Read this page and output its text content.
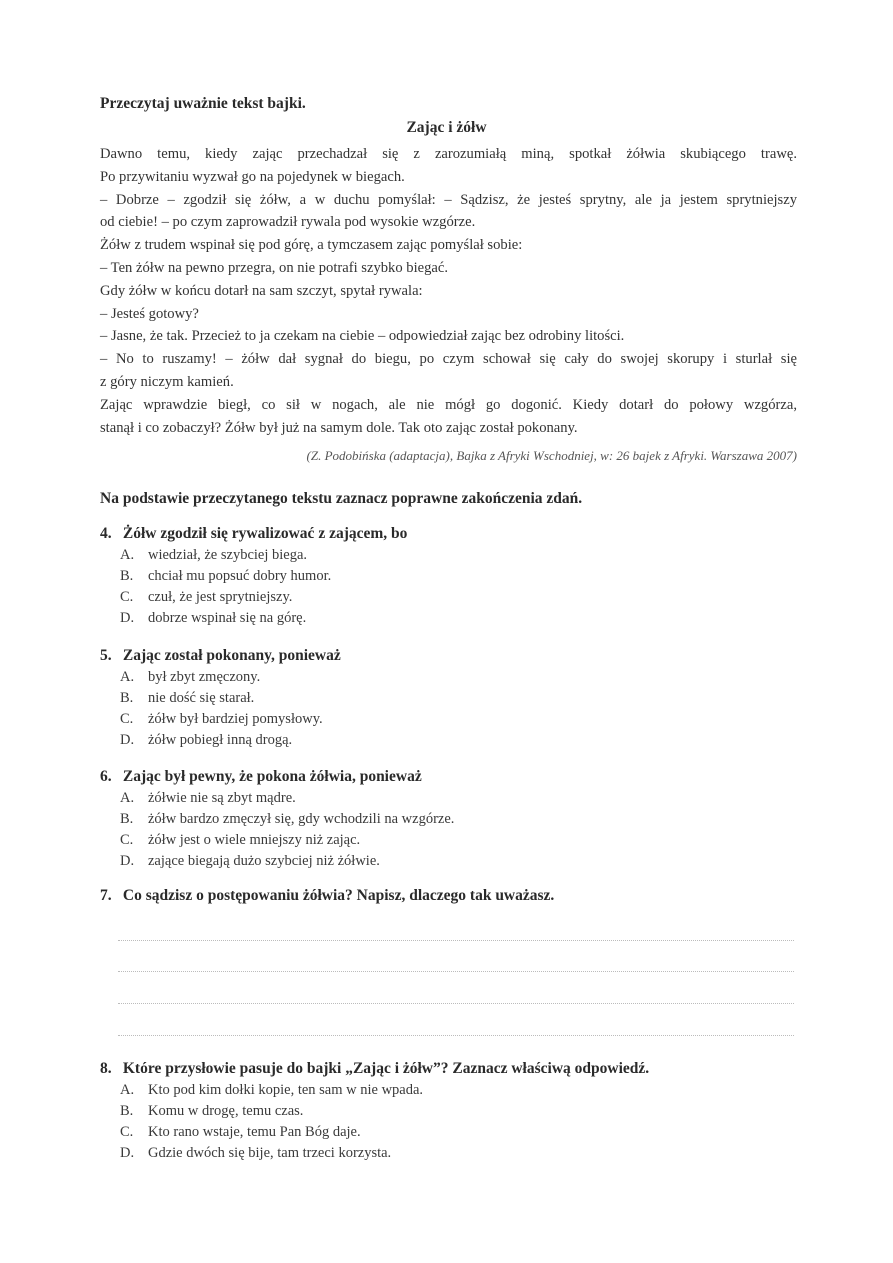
Przeczytaj uważnie tekst bajki.
Zając i żółw
Dawno temu, kiedy zając przechadzał się z zarozumiałą miną, spotkał żółwia skubiącego trawę.
Po przywitaniu wyzwał go na pojedynek w biegach.
– Dobrze – zgodził się żółw, a w duchu pomyślał: – Sądzisz, że jesteś sprytny, ale ja jestem sprytniejszy
od ciebie! – po czym zaprowadził rywala pod wysokie wzgórze.
Żółw z trudem wspinał się pod górę, a tymczasem zając pomyślał sobie:
– Ten żółw na pewno przegra, on nie potrafi szybko biegać.
Gdy żółw w końcu dotarł na sam szczyt, spytał rywala:
– Jesteś gotowy?
– Jasne, że tak. Przecież to ja czekam na ciebie – odpowiedział zając bez odrobiny litości.
– No to ruszamy! – żółw dał sygnał do biegu, po czym schował się cały do swojej skorupy i sturlał się
z góry niczym kamień.
Zając wprawdzie biegł, co sił w nogach, ale nie mógł go dogonić. Kiedy dotarł do połowy wzgórza,
stanął i co zobaczył? Żółw był już na samym dole. Tak oto zając został pokonany.
(Z. Podobińska (adaptacja), Bajka z Afryki Wschodniej, w: 26 bajek z Afryki. Warszawa 2007)
Na podstawie przeczytanego tekstu zaznacz poprawne zakończenia zdań.
4. Żółw zgodził się rywalizować z zającem, bo
A. wiedział, że szybciej biega.
B. chciał mu popsuć dobry humor.
C. czuł, że jest sprytniejszy.
D. dobrze wspinał się na górę.
5. Zając został pokonany, ponieważ
A. był zbyt zmęczony.
B. nie dość się starał.
C. żółw był bardziej pomysłowy.
D. żółw pobiegł inną drogą.
6. Zając był pewny, że pokona żółwia, ponieważ
A. żółwie nie są zbyt mądre.
B. żółw bardzo zmęczył się, gdy wchodzili na wzgórze.
C. żółw jest o wiele mniejszy niż zając.
D. zające biegają dużo szybciej niż żółwie.
7. Co sądzisz o postępowaniu żółwia? Napisz, dlaczego tak uważasz.
8. Które przysłowie pasuje do bajki „Zając i żółw”? Zaznacz właściwą odpowiedź.
A. Kto pod kim dołki kopie, ten sam w nie wpada.
B. Komu w drogę, temu czas.
C. Kto rano wstaje, temu Pan Bóg daje.
D. Gdzie dwóch się bije, tam trzeci korzysta.
